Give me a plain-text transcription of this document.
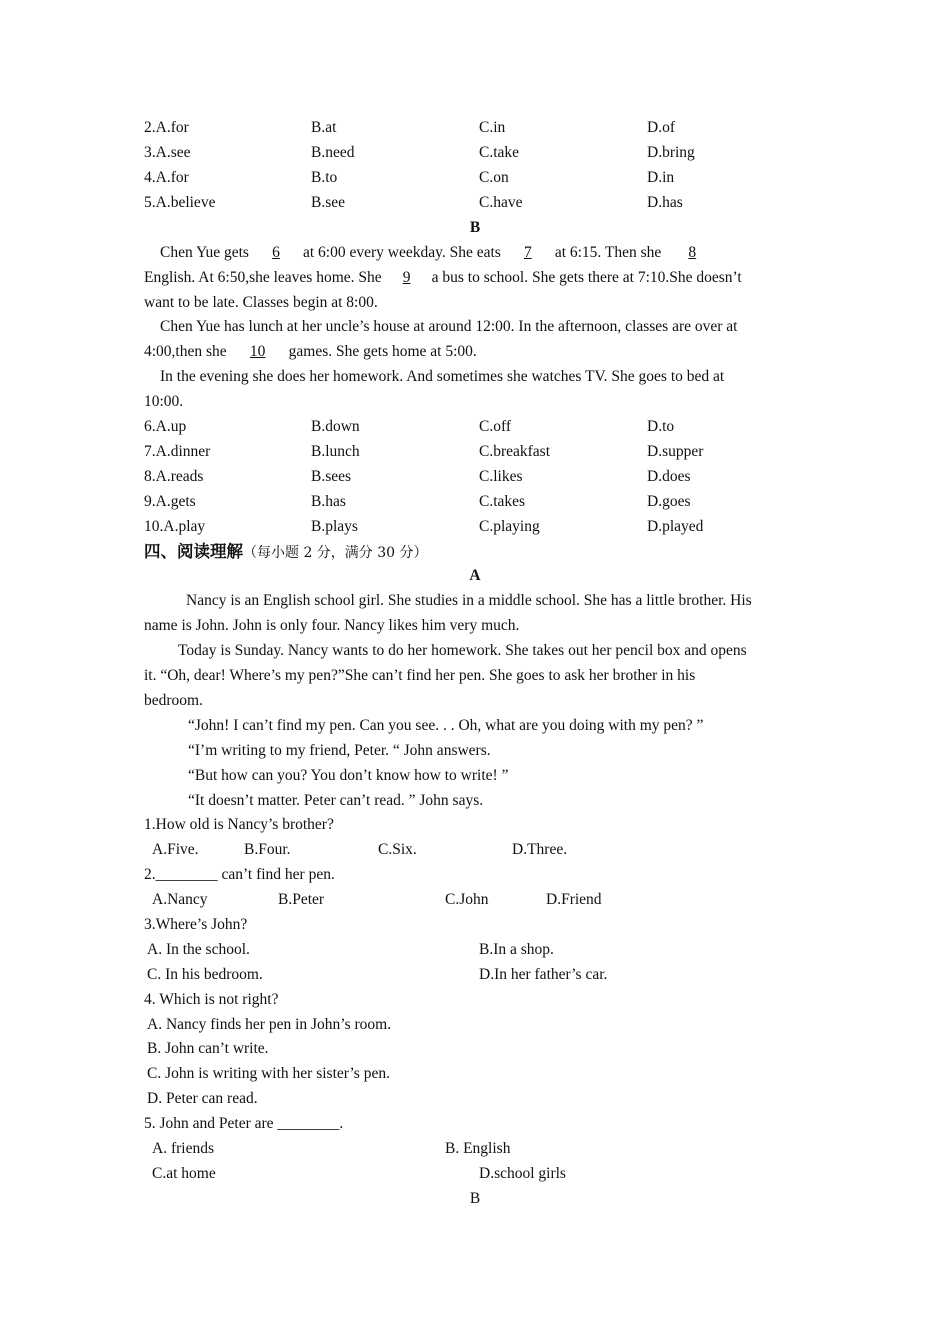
2.A.for	B.at	C.in	D.of
3.A.see	B.need	C.take	D.bring
4.A.for	B.to	C.on	D.in
5.A.believe	B.see	C.have	D.has
B
Chen Yue gets 6 at 6:00 every weekday. She eats 7 at 6:15. Then she 8
English. At 6:50,she leaves home. She 9 a bus to school. She gets there at 7:10.She doesn’t
want to be late. Classes begin at 8:00.
Chen Yue has lunch at her uncle’s house at around 12:00. In the afternoon, classes are over at
4:00,then she 10 games. She gets home at 5:00.
In the evening she does her homework. And sometimes she watches TV. She goes to bed at
10:00.
6.A.up	B.down	C.off	D.to
7.A.dinner	B.lunch	C.breakfast	D.supper
8.A.reads	B.sees	C.likes	D.does
9.A.gets	B.has	C.takes	D.goes
10.A.play	B.plays	C.playing	D.played
四、阅读理解（每小题 2 分，满分 30 分）
A
Nancy is an English school girl. She studies in a middle school. She has a little brother. His
name is John. John is only four. Nancy likes him very much.
Today is Sunday. Nancy wants to do her homework. She takes out her pencil box and opens
it. “Oh, dear! Where’s my pen?”She can’t find her pen. She goes to ask her brother in his
bedroom.
“John! I can’t find my pen. Can you see. . . Oh, what are you doing with my pen? ”
“I’m writing to my friend, Peter. “ John answers.
“But how can you? You don’t know how to write! ”
“It doesn’t matter. Peter can’t read. ” John says.
1.How old is Nancy’s brother?
A.Five.	B.Four.	C.Six.	D.Three.
2.________ can’t find her pen.
A.Nancy	B.Peter	C.John	D.Friend
3.Where’s John?
A. In the school.	B.In a shop.
C. In his bedroom.	D.In her father’s car.
4. Which is not right?
A. Nancy finds her pen in John’s room.
B. John can’t write.
C. John is writing with her sister’s pen.
D. Peter can read.
5. John and Peter are ________.
A. friends	B. English
C.at home	D.school girls
B
